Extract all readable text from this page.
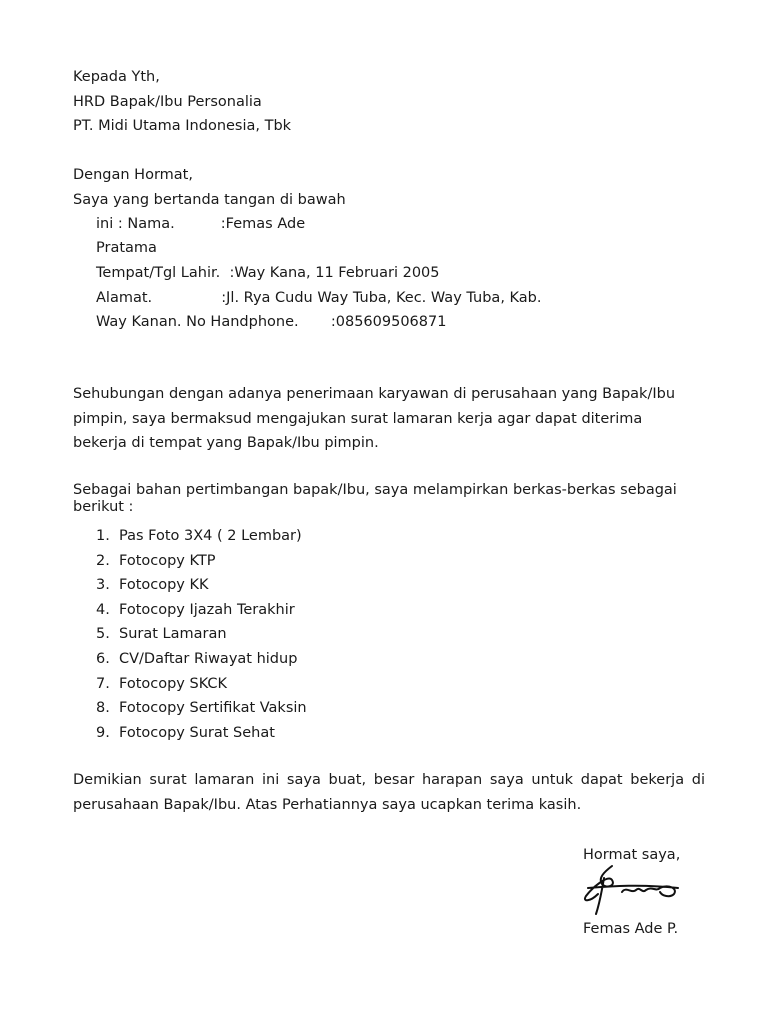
Kepada Yth,
HRD Bapak/Ibu Personalia
PT. Midi Utama Indonesia, Tbk
Dengan Hormat,
Saya yang bertanda tangan di bawah
ini : Nama.          :Femas Ade
Pratama
Tempat/Tgl Lahir.  :Way Kana, 11 Februari 2005
Alamat.               :Jl. Rya Cudu Way Tuba, Kec. Way Tuba, Kab.
Way Kanan. No Handphone.       :085609506871
Sehubungan dengan adanya penerimaan karyawan di perusahaan yang Bapak/Ibu pimpin, saya bermaksud mengajukan surat lamaran kerja agar dapat diterima bekerja di tempat yang Bapak/Ibu pimpin.
Sebagai bahan pertimbangan bapak/Ibu, saya melampirkan berkas-berkas sebagai berikut :
1. Pas Foto 3X4 ( 2 Lembar)
2. Fotocopy KTP
3. Fotocopy KK
4. Fotocopy Ijazah Terakhir
5. Surat Lamaran
6. CV/Daftar Riwayat hidup
7. Fotocopy SKCK
8. Fotocopy Sertifikat Vaksin
9. Fotocopy Surat Sehat
Demikian surat lamaran ini saya buat, besar harapan saya untuk dapat bekerja di perusahaan Bapak/Ibu. Atas Perhatiannya saya ucapkan terima kasih.
Hormat saya,
Femas Ade P.
